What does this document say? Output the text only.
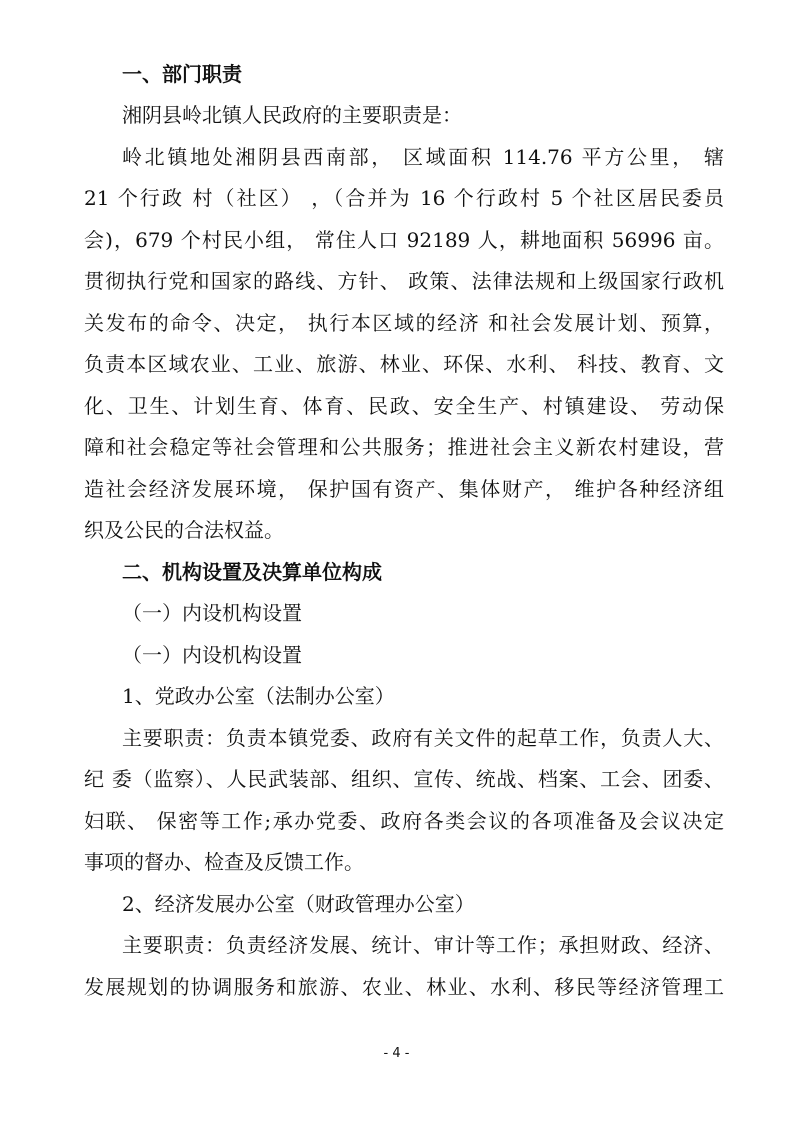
一、部门职责
湘阴县岭北镇人民政府的主要职责是：
岭北镇地处湘阴县西南部， 区域面积 114.76 平方公里， 辖
21 个行政 村（社区） ，（合并为 16 个行政村 5 个社区居民委员
会)，679 个村民小组， 常住人口 92189 人，耕地面积 56996 亩。
贯彻执行党和国家的路线、方针、 政策、法律法规和上级国家行政机
关发布的命令、决定， 执行本区域的经济 和社会发展计划、预算，
负责本区域农业、工业、旅游、林业、环保、水利、 科技、教育、文
化、卫生、计划生育、体育、民政、安全生产、村镇建设、 劳动保
障和社会稳定等社会管理和公共服务；推进社会主义新农村建设，营
造社会经济发展环境， 保护国有资产、集体财产， 维护各种经济组
织及公民的合法权益。
二、机构设置及决算单位构成
（一）内设机构设置
（一）内设机构设置
1、党政办公室（法制办公室）
主要职责：负责本镇党委、政府有关文件的起草工作，负责人大、
纪 委（监察）、人民武装部、组织、宣传、统战、档案、工会、团委、
妇联、 保密等工作;承办党委、政府各类会议的各项准备及会议决定
事项的督办、检查及反馈工作。
2、经济发展办公室（财政管理办公室）
主要职责：负责经济发展、统计、审计等工作；承担财政、经济、
发展规划的协调服务和旅游、农业、林业、水利、移民等经济管理工
- 4 -
